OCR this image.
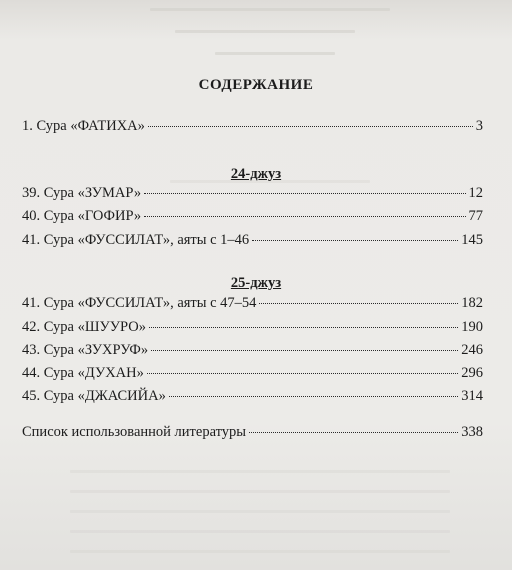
СОДЕРЖАНИЕ
1. Сура «ФАТИХА»	3
24-джуз
39. Сура «ЗУМАР»	12
40. Сура «ГОФИР»	77
41. Сура «ФУССИЛАТ», аяты с 1–46	145
25-джуз
41. Сура «ФУССИЛАТ», аяты с 47–54	182
42. Сура «ШУУРО»	190
43. Сура «ЗУХРУФ»	246
44. Сура «ДУХАН»	296
45. Сура «ДЖАСИЙА»	314
Список использованной литературы	338
